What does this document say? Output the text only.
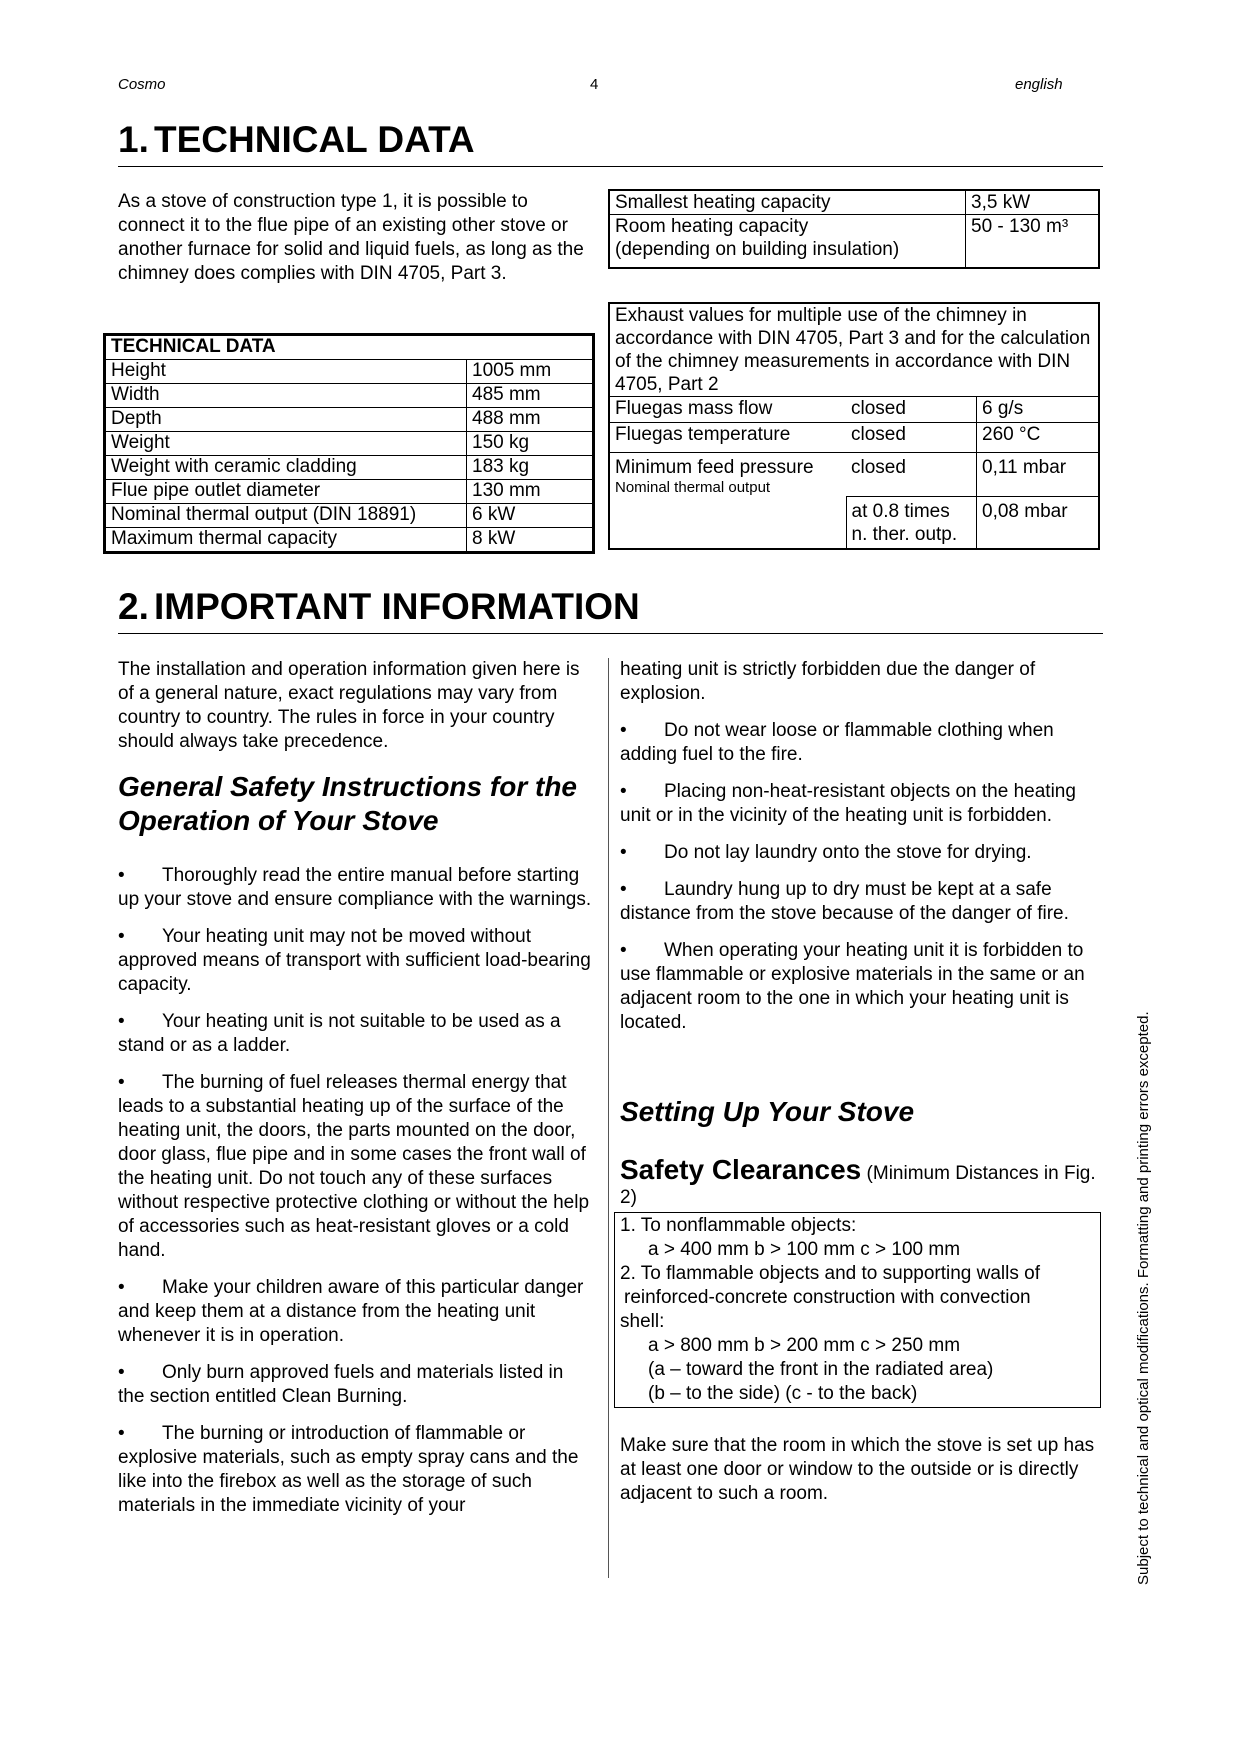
Cosmo	4	english
1. TECHNICAL DATA

As a stove of construction type 1, it is possible to connect it to the flue pipe of an existing other stove or another furnace for solid and liquid fuels, as long as the chimney does complies with DIN 4705, Part 3.

TECHNICAL DATA	
Height	1005 mm
Width	485 mm
Depth	488 mm
Weight	150 kg
Weight with ceramic cladding	183 kg
Flue pipe outlet diameter	130 mm
Nominal thermal output (DIN 18891)	6 kW
Maximum thermal capacity	8 kW
Smallest heating capacity	3,5 kW

Room heating capacity
(depending on building insulation)	50 - 130 m³
Exhaust values for multiple use of the chimney in accordance with DIN 4705, Part 3 and for the calculation of the chimney measurements in accordance with DIN 4705, Part 2		
Fluegas mass flow	closed	6 g/s
Fluegas temperature	closed	260 °C

Minimum feed pressure
Nominal thermal output	closed	0,11 mbar

	at 0.8 times
n. ther. outp.	0,08 mbar
2. IMPORTANT INFORMATION

The installation and operation information given here is of a general nature, exact regulations may vary from country to country. The rules in force in your country should always take precedence.

General Safety Instructions for the Operation of Your Stove

• Thoroughly read the entire manual before starting up your stove and ensure compliance with the warnings.

• Your heating unit may not be moved without approved means of transport with sufficient load-bearing capacity.

• Your heating unit is not suitable to be used as a stand or as a ladder.

• The burning of fuel releases thermal energy that leads to a substantial heating up of the surface of the heating unit, the doors, the parts mounted on the door, door glass, flue pipe and in some cases the front wall of the heating unit. Do not touch any of these surfaces without respective protective clothing or without the help of accessories such as heat-resistant gloves or a cold hand.

• Make your children aware of this particular danger and keep them at a distance from the heating unit whenever it is in operation.

• Only burn approved fuels and materials listed in the section entitled Clean Burning.

• The burning or introduction of flammable or explosive materials, such as empty spray cans and the like into the firebox as well as the storage of such materials in the immediate vicinity of your

heating unit is strictly forbidden due the danger of explosion.

• Do not wear loose or flammable clothing when adding fuel to the fire.

• Placing non-heat-resistant objects on the heating unit or in the vicinity of the heating unit is forbidden.

• Do not lay laundry onto the stove for drying.

• Laundry hung up to dry must be kept at a safe distance from the stove because of the danger of fire.

• When operating your heating unit it is forbidden to use flammable or explosive materials in the same or an adjacent room to the one in which your heating unit is located.

Setting Up Your Stove
Safety Clearances (Minimum Distances in Fig. 2)
1. To nonflammable objects:
a > 400 mm b > 100 mm c > 100 mm
2. To flammable objects and to supporting walls of
reinforced-concrete construction with convection
shell:
a > 800 mm b > 200 mm c > 250 mm
(a – toward the front in the radiated area)
(b – to the side) (c - to the back)

Make sure that the room in which the stove is set up has at least one door or window to the outside or is directly adjacent to such a room.	Subject to technical and optical modifications. Formatting and printing errors excepted.
